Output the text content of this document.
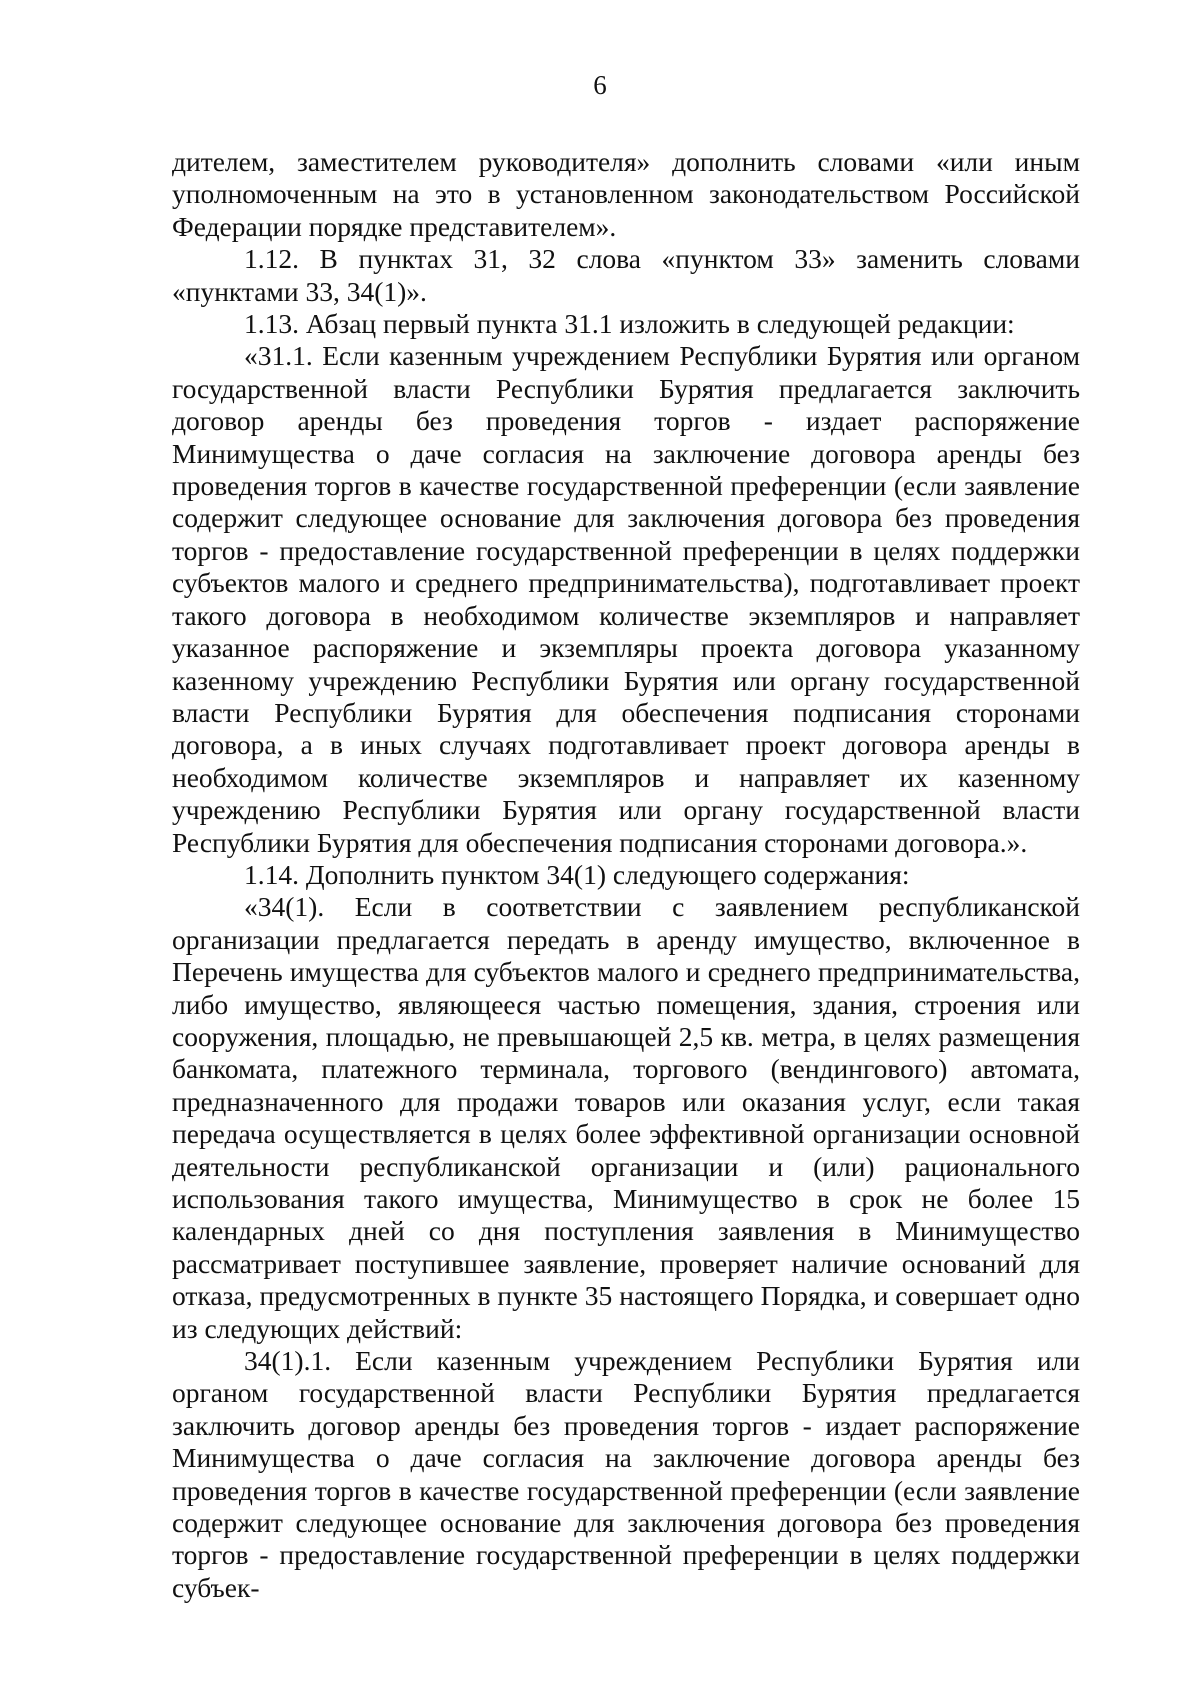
6

дителем, заместителем руководителя» дополнить словами «или иным уполномоченным на это в установленном законодательством Российской Федерации порядке представителем».

1.12. В пунктах 31, 32 слова «пунктом 33» заменить словами «пунктами 33, 34(1)».

1.13. Абзац первый пункта 31.1 изложить в следующей редакции:

«31.1. Если казенным учреждением Республики Бурятия или органом государственной власти Республики Бурятия предлагается заключить договор аренды без проведения торгов - издает распоряжение Минимущества о даче согласия на заключение договора аренды без проведения торгов в качестве государственной преференции (если заявление содержит следующее основание для заключения договора без проведения торгов - предоставление государственной преференции в целях поддержки субъектов малого и среднего предпринимательства), подготавливает проект такого договора в необходимом количестве экземпляров и направляет указанное распоряжение и экземпляры проекта договора указанному казенному учреждению Республики Бурятия или органу государственной власти Республики Бурятия для обеспечения подписания сторонами договора, а в иных случаях подготавливает проект договора аренды в необходимом количестве экземпляров и направляет их казенному учреждению Республики Бурятия или органу государственной власти Республики Бурятия для обеспечения подписания сторонами договора.».

1.14. Дополнить пунктом 34(1) следующего содержания:

«34(1). Если в соответствии с заявлением республиканской организации предлагается передать в аренду имущество, включенное в Перечень имущества для субъектов малого и среднего предпринимательства, либо имущество, являющееся частью помещения, здания, строения или сооружения, площадью, не превышающей 2,5 кв. метра, в целях размещения банкомата, платежного терминала, торгового (вендингового) автомата, предназначенного для продажи товаров или оказания услуг, если такая передача осуществляется в целях более эффективной организации основной деятельности республиканской организации и (или) рационального использования такого имущества, Минимущество в срок не более 15 календарных дней со дня поступления заявления в Минимущество рассматривает поступившее заявление, проверяет наличие оснований для отказа, предусмотренных в пункте 35 настоящего Порядка, и совершает одно из следующих действий:

34(1).1. Если казенным учреждением Республики Бурятия или органом государственной власти Республики Бурятия предлагается заключить договор аренды без проведения торгов - издает распоряжение Минимущества о даче согласия на заключение договора аренды без проведения торгов в качестве государственной преференции (если заявление содержит следующее основание для заключения договора без проведения торгов - предоставление государственной преференции в целях поддержки субъек-
